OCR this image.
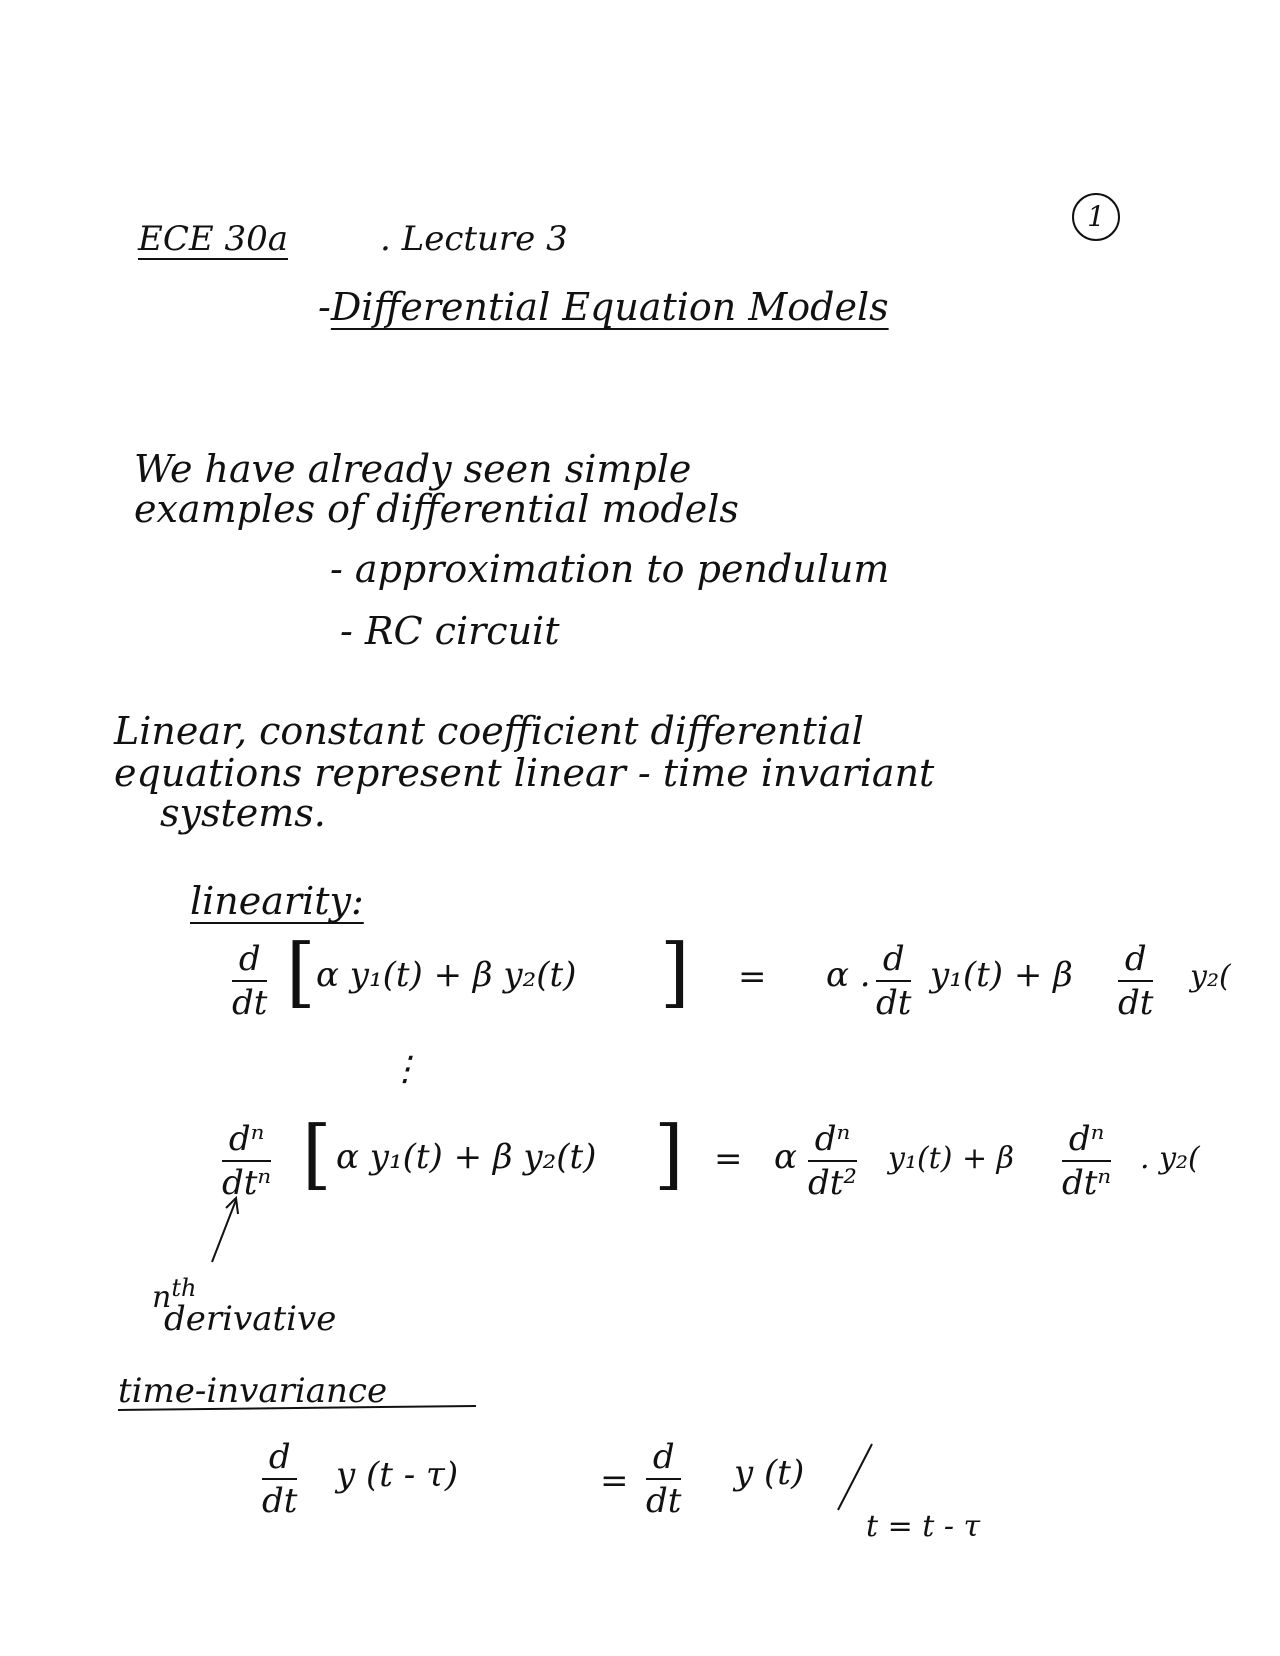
ECE 30a	. Lecture 3
1
-Differential Equation Models
We have already seen simple
examples of differential models
- approximation to pendulum
- RC circuit
Linear, constant coefficient differential
equations represent linear - time invariant
systems.
linearity:
$\frac{d}{dt}$ [ α y₁(t) + β y₂(t) ] = α . $\frac{d}{dt} y_1(t) + \beta \frac{d}{dt} y_2$(
⋮
dⁿ
dtⁿ [ α y₁(t) + β y₂(t) ] = α $\frac{\text{dⁿ}}{\text{dt²}} y_1(t) + \beta$ dⁿ
dtⁿ
. y₂(
$n^{th}$
derivative
time-invariance
$\frac{d}{dt}$ y (t - τ)	= $\frac{d}{dt}$ y (t)
t = t - τ
